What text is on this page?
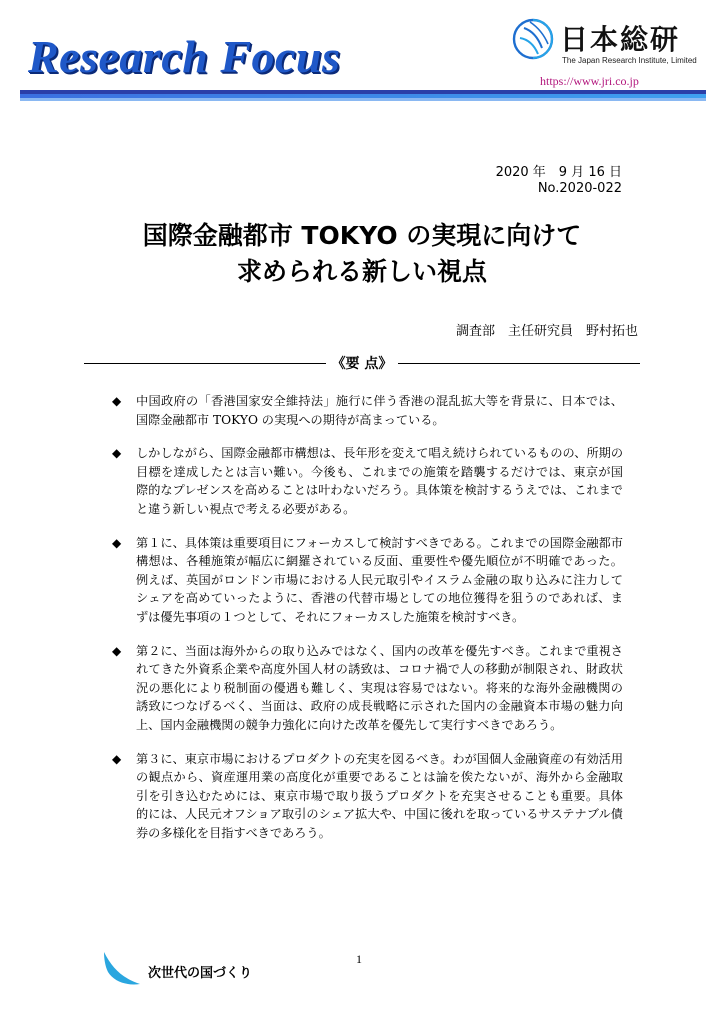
Research Focus	日本総研
The Japan Research Institute, Limited
https://www.jri.co.jp
2020 年　9 月 16 日
No.2020-022
国際金融都市 TOKYO の実現に向けて
求められる新しい視点
調査部　主任研究員　野村拓也
《要 点》
◆ 中国政府の「香港国家安全維持法」施行に伴う香港の混乱拡大等を背景に、日本では、国際金融都市 TOKYO の実現への期待が高まっている。
◆ しかしながら、国際金融都市構想は、長年形を変えて唱え続けられているものの、所期の目標を達成したとは言い難い。今後も、これまでの施策を踏襲するだけでは、東京が国際的なプレゼンスを高めることは叶わないだろう。具体策を検討するうえでは、これまでと違う新しい視点で考える必要がある。
◆ 第１に、具体策は重要項目にフォーカスして検討すべきである。これまでの国際金融都市構想は、各種施策が幅広に網羅されている反面、重要性や優先順位が不明確であった。例えば、英国がロンドン市場における人民元取引やイスラム金融の取り込みに注力してシェアを高めていったように、香港の代替市場としての地位獲得を狙うのであれば、まずは優先事項の１つとして、それにフォーカスした施策を検討すべき。
◆ 第２に、当面は海外からの取り込みではなく、国内の改革を優先すべき。これまで重視されてきた外資系企業や高度外国人材の誘致は、コロナ禍で人の移動が制限され、財政状況の悪化により税制面の優遇も難しく、実現は容易ではない。将来的な海外金融機関の誘致につなげるべく、当面は、政府の成長戦略に示された国内の金融資本市場の魅力向上、国内金融機関の競争力強化に向けた改革を優先して実行すべきであろう。
◆ 第３に、東京市場におけるプロダクトの充実を図るべき。わが国個人金融資産の有効活用の観点から、資産運用業の高度化が重要であることは論を俟たないが、海外から金融取引を引き込むためには、東京市場で取り扱うプロダクトを充実させることも重要。具体的には、人民元オフショア取引のシェア拡大や、中国に後れを取っているサステナブル債券の多様化を目指すべきであろう。
1
次世代の国づくり
